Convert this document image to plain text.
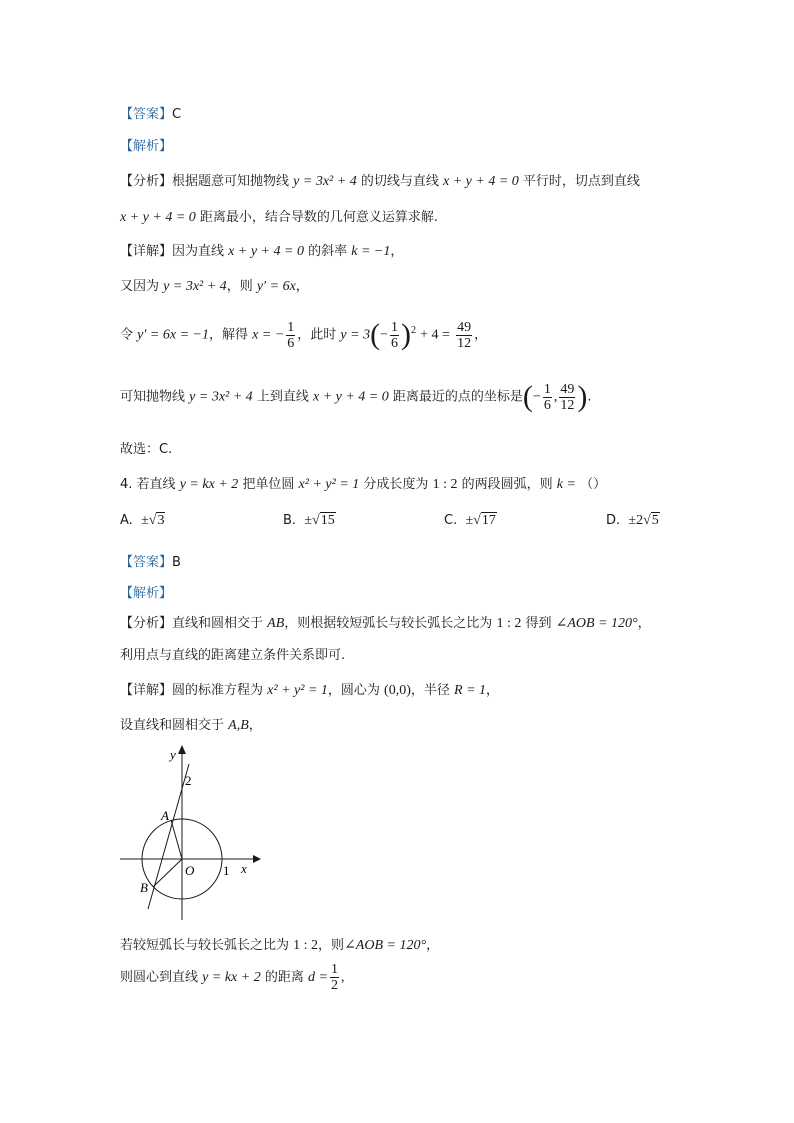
【答案】C
【解析】
【分析】根据题意可知抛物线 y = 3x² + 4 的切线与直线 x + y + 4 = 0 平行时，切点到直线
x + y + 4 = 0 距离最小，结合导数的几何意义运算求解.
【详解】因为直线 x + y + 4 = 0 的斜率 k = −1，
又因为 y = 3x² + 4，则 y′ = 6x，
令 y′ = 6x = −1，解得 x = − $\frac{1}{6}$ ，此时 $y = 3(- \frac{1}{6} )^2 + 4 = \frac{49}{12}$ ，
可知抛物线 y = 3x² + 4 上到直线 x + y + 4 = 0 距离最近的点的坐标是(− $\frac{1}{6}$ , $\frac{49}{12}$ ).
故选：C.
4. 若直线 y = kx + 2 把单位圆 x² + y² = 1 分成长度为 1 : 2 的两段圆弧，则 k = （）
A. ±√3	B. ±√15	C. ±√17	D. ±2√5
【答案】B
【解析】
【分析】直线和圆相交于 AB，则根据较短弧长与较长弧长之比为 1 : 2 得到 ∠AOB = 120°，
利用点与直线的距离建立条件关系即可.
【详解】圆的标准方程为 x² + y² = 1，圆心为 (0,0)，半径 R = 1，
设直线和圆相交于 A,B，
y
x
2
1
O
A
B
若较短弧长与较长弧长之比为 1 : 2，则∠AOB = 120°，
则圆心到直线 y = kx + 2 的距离 $d = \frac{1}{2}$ ,
